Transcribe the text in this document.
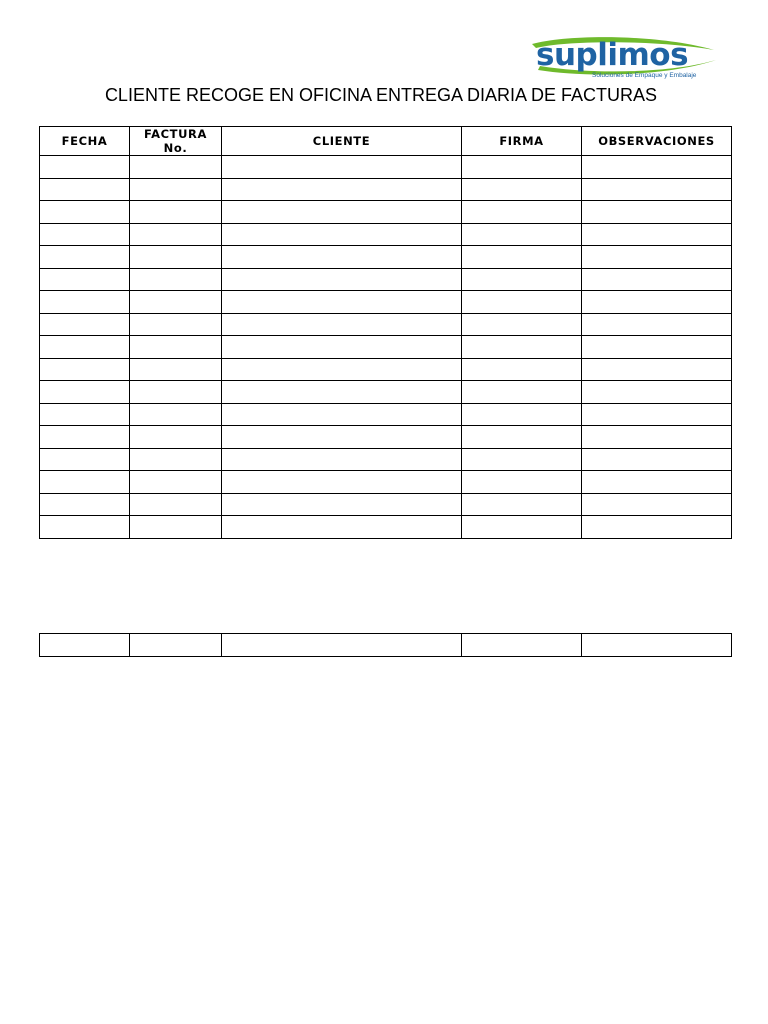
suplimos
Soluciones de Empaque y Embalaje
CLIENTE RECOGE EN OFICINA ENTREGA DIARIA DE FACTURAS
FECHA	FACTURA No.	CLIENTE	FIRMA	OBSERVACIONES
